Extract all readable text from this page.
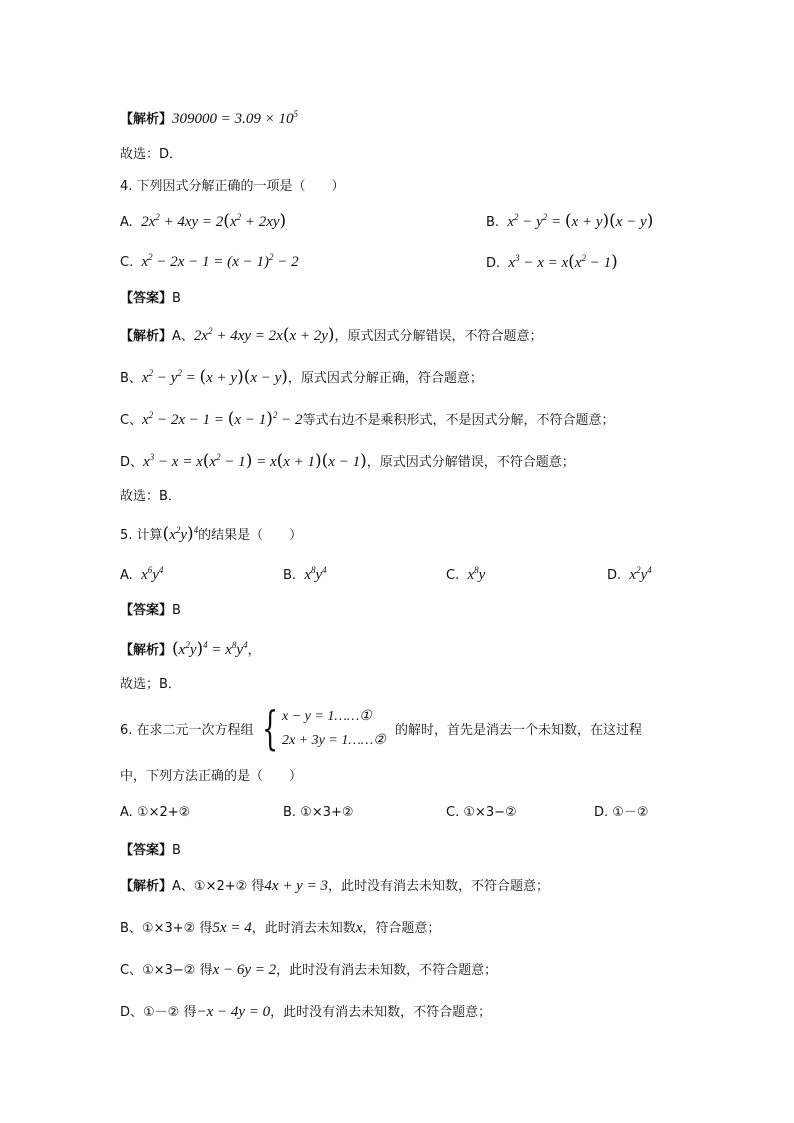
【解析】$309000 = 3.09 \times 10^5$
故选：D．
4. 下列因式分解正确的一项是（　　）
A. $2x^2 + 4xy = 2(x^2 + 2xy)$	B. $x^2 - y^2 = (x + y)(x - y)$
C. $x^2 - 2x - 1 = (x - 1)^2 - 2$	D. $x^3 - x = x(x^2 - 1)$
【答案】B
【解析】A、$2x^2 + 4xy = 2x(x + 2y)$，原式因式分解错误，不符合题意；
B、$x^2 - y^2 = (x + y)(x - y)$，原式因式分解正确，符合题意；
C、$x^2 - 2x - 1 = (x - 1)^2 - 2$等式右边不是乘积形式，不是因式分解，不符合题意；
D、$x^3 - x = x(x^2 - 1) = x(x + 1)(x - 1)$，原式因式分解错误，不符合题意；
故选：B．
5. 计算$(x^2y)^4$的结果是（　　）
A. $x^6y^4$	B. $x^8y^4$	C. $x^8y$	D. $x^2y^4$
【答案】B
【解析】$(x^2y)^4 = x^8y^4$，
故选；B．
6. 在求二元一次方程组 { x − y = 1……①
2x + 3y = 1……②
的解时，首先是消去一个未知数，在这过程
中，下列方法正确的是（　　）
A. ①×2+②	B. ①×3+②	C. ①×3−②	D. ①－②
【答案】B
【解析】A、①×2+② 得4x + y = 3，此时没有消去未知数，不符合题意；
B、①×3+② 得5x = 4，此时消去未知数x，符合题意；
C、①×3−② 得x − 6y = 2，此时没有消去未知数，不符合题意；
D、①－② 得−x − 4y = 0，此时没有消去未知数，不符合题意；
